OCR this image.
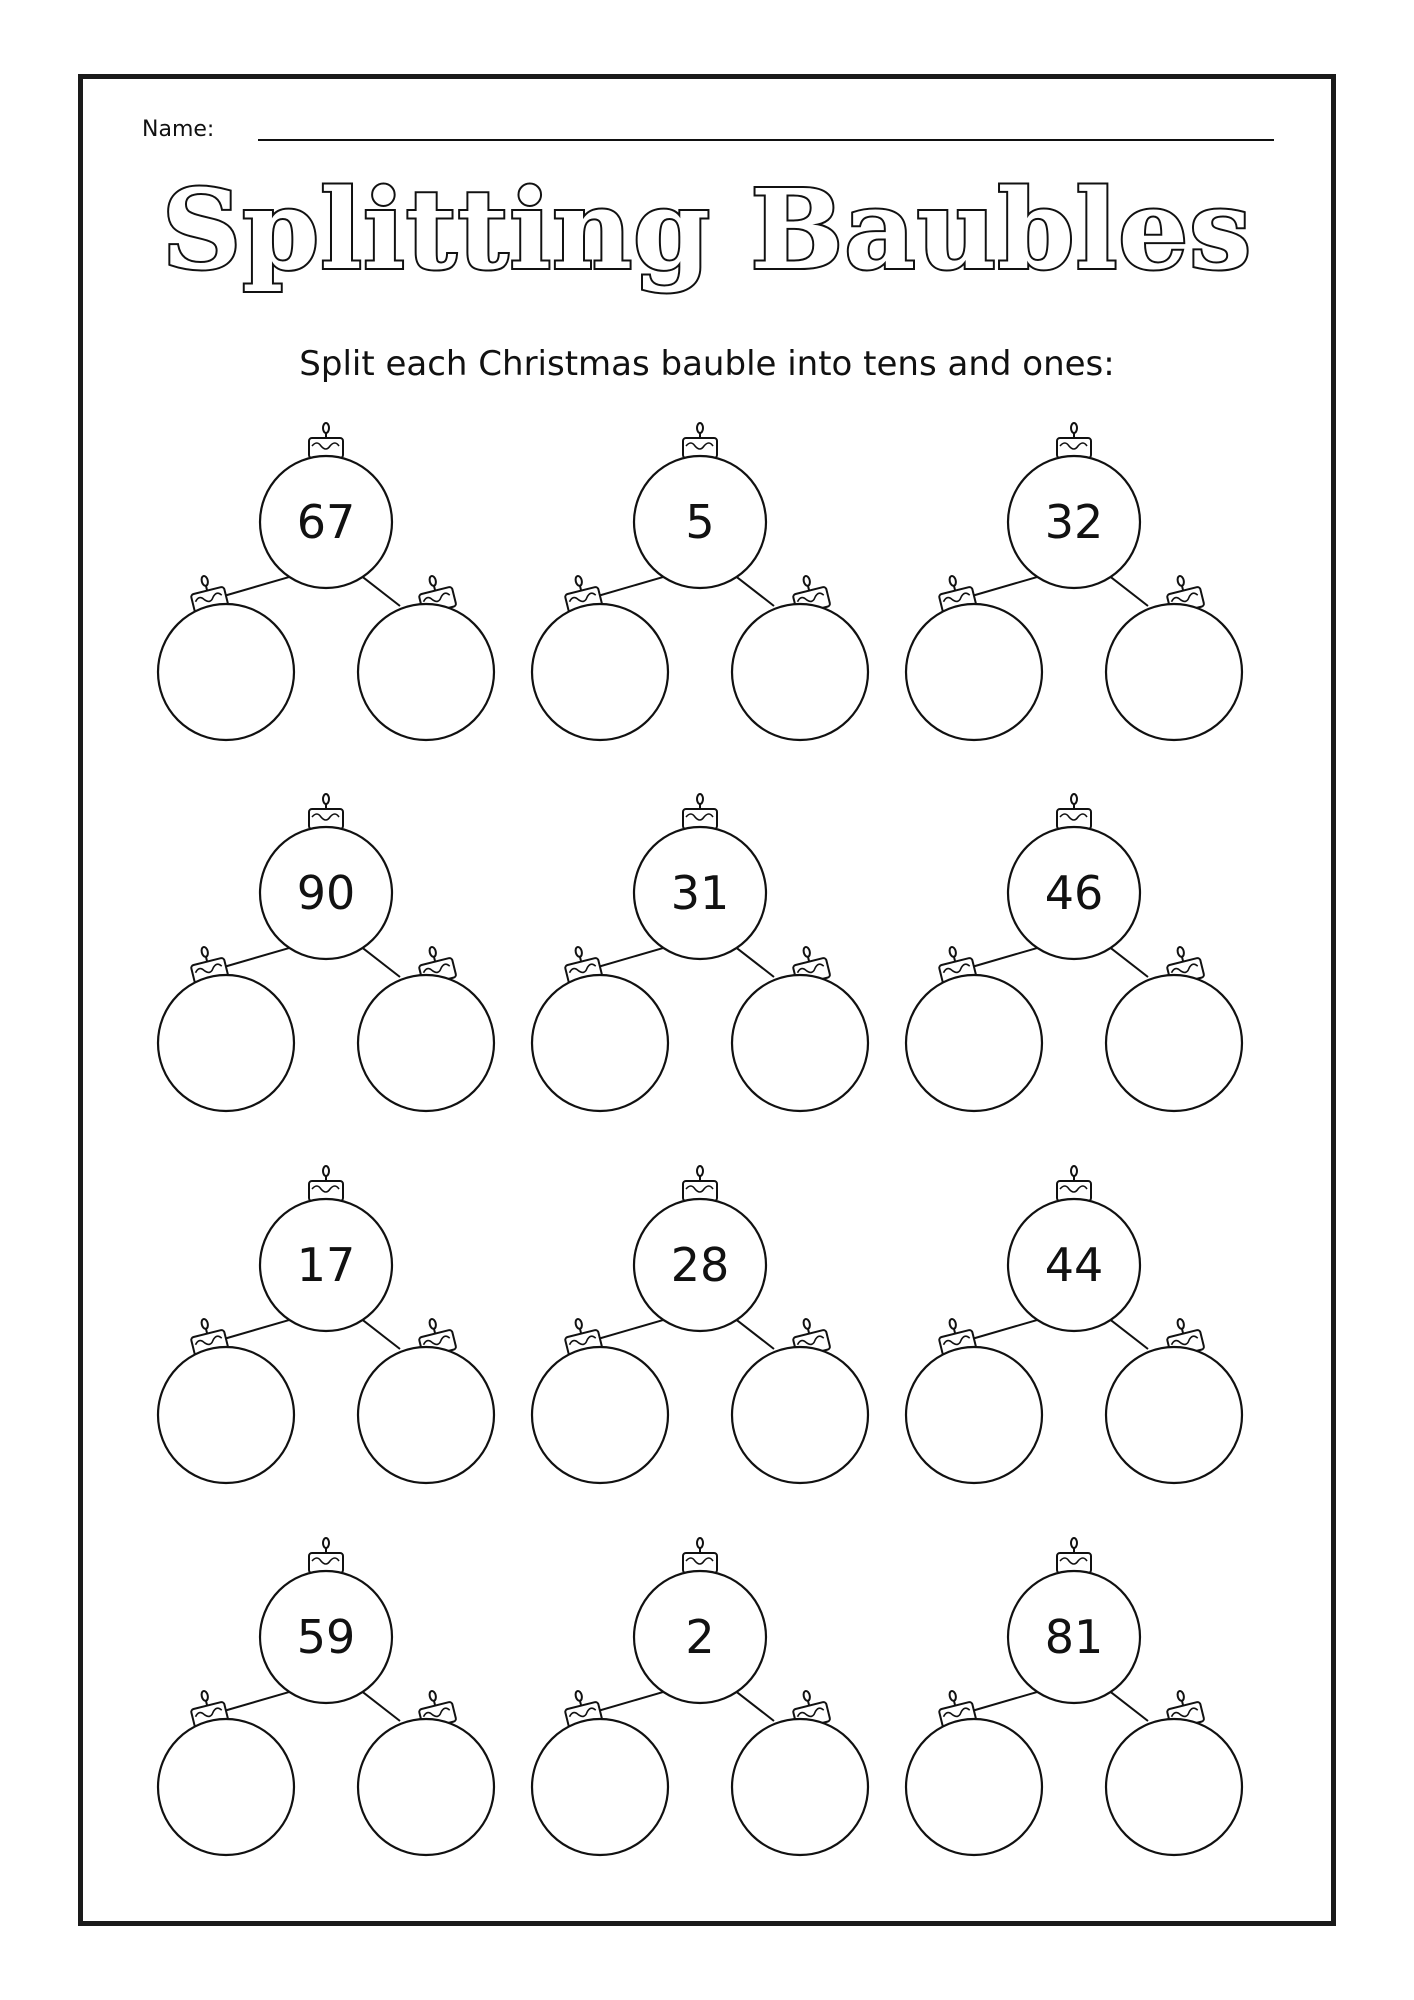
Name:
Splitting Baubles
Split each Christmas bauble into tens and ones:
67	5	32
90	31	46
17	28	44
59	2	81
